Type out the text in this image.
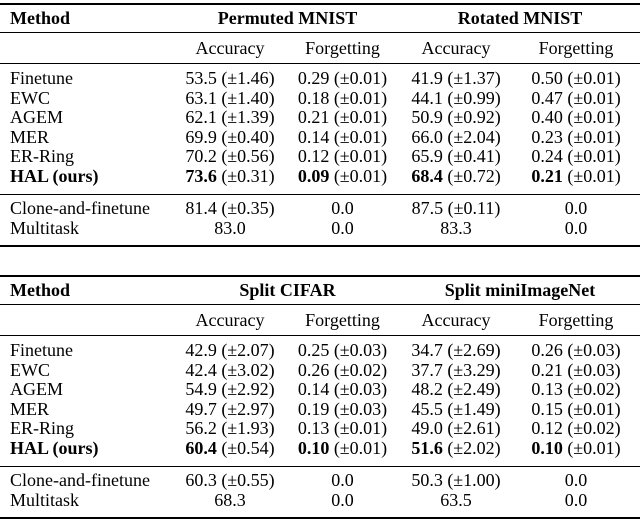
Method	Permuted MNIST		Rotated MNIST	
	Accuracy	Forgetting	Accuracy	Forgetting
Finetune	53.5 (±1.46)	0.29 (±0.01)	41.9 (±1.37)	0.50 (±0.01)
EWC	63.1 (±1.40)	0.18 (±0.01)	44.1 (±0.99)	0.47 (±0.01)
AGEM	62.1 (±1.39)	0.21 (±0.01)	50.9 (±0.92)	0.40 (±0.01)
MER	69.9 (±0.40)	0.14 (±0.01)	66.0 (±2.04)	0.23 (±0.01)
ER-Ring	70.2 (±0.56)	0.12 (±0.01)	65.9 (±0.41)	0.24 (±0.01)
HAL (ours)	73.6 (±0.31)	0.09 (±0.01)	68.4 (±0.72)	0.21 (±0.01)
Clone-and-finetune	81.4 (±0.35)	0.0	87.5 (±0.11)	0.0
Multitask	83.0	0.0	83.3	0.0
Method	Split CIFAR		Split miniImageNet	
	Accuracy	Forgetting	Accuracy	Forgetting
Finetune	42.9 (±2.07)	0.25 (±0.03)	34.7 (±2.69)	0.26 (±0.03)
EWC	42.4 (±3.02)	0.26 (±0.02)	37.7 (±3.29)	0.21 (±0.03)
AGEM	54.9 (±2.92)	0.14 (±0.03)	48.2 (±2.49)	0.13 (±0.02)
MER	49.7 (±2.97)	0.19 (±0.03)	45.5 (±1.49)	0.15 (±0.01)
ER-Ring	56.2 (±1.93)	0.13 (±0.01)	49.0 (±2.61)	0.12 (±0.02)
HAL (ours)	60.4 (±0.54)	0.10 (±0.01)	51.6 (±2.02)	0.10 (±0.01)
Clone-and-finetune	60.3 (±0.55)	0.0	50.3 (±1.00)	0.0
Multitask	68.3	0.0	63.5	0.0
